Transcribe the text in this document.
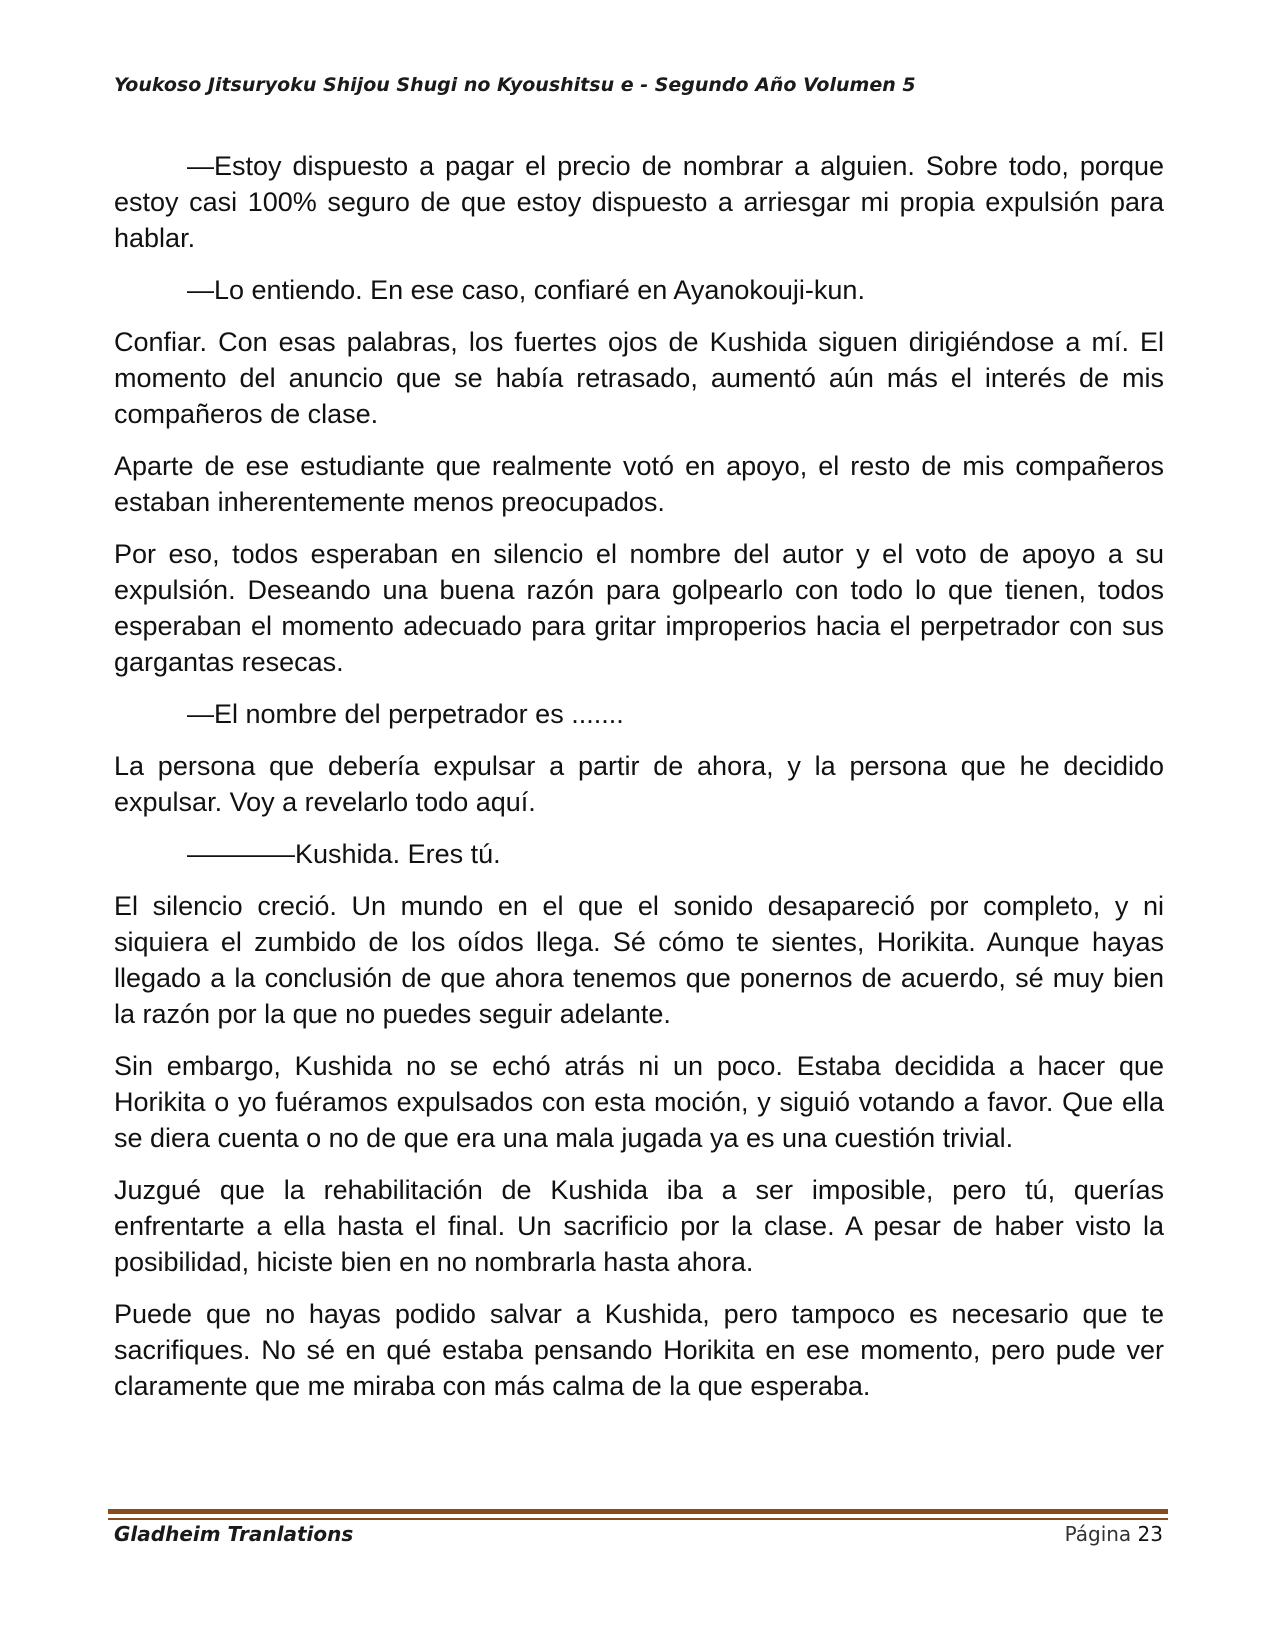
Youkoso Jitsuryoku Shijou Shugi no Kyoushitsu e - Segundo Año Volumen 5

—Estoy dispuesto a pagar el precio de nombrar a alguien. Sobre todo, porque estoy casi 100% seguro de que estoy dispuesto a arriesgar mi propia expulsión para hablar.

—Lo entiendo. En ese caso, confiaré en Ayanokouji-kun.

Confiar. Con esas palabras, los fuertes ojos de Kushida siguen dirigiéndose a mí. El momento del anuncio que se había retrasado, aumentó aún más el interés de mis compañeros de clase.

Aparte de ese estudiante que realmente votó en apoyo, el resto de mis compañeros estaban inherentemente menos preocupados.

Por eso, todos esperaban en silencio el nombre del autor y el voto de apoyo a su expulsión. Deseando una buena razón para golpearlo con todo lo que tienen, todos esperaban el momento adecuado para gritar improperios hacia el perpetrador con sus gargantas resecas.

—El nombre del perpetrador es .......

La persona que debería expulsar a partir de ahora, y la persona que he decidido expulsar. Voy a revelarlo todo aquí.

————Kushida. Eres tú.

El silencio creció. Un mundo en el que el sonido desapareció por completo, y ni siquiera el zumbido de los oídos llega. Sé cómo te sientes, Horikita. Aunque hayas llegado a la conclusión de que ahora tenemos que ponernos de acuerdo, sé muy bien la razón por la que no puedes seguir adelante.

Sin embargo, Kushida no se echó atrás ni un poco. Estaba decidida a hacer que Horikita o yo fuéramos expulsados con esta moción, y siguió votando a favor. Que ella se diera cuenta o no de que era una mala jugada ya es una cuestión trivial.

Juzgué que la rehabilitación de Kushida iba a ser imposible, pero tú, querías enfrentarte a ella hasta el final. Un sacrificio por la clase. A pesar de haber visto la posibilidad, hiciste bien en no nombrarla hasta ahora.

Puede que no hayas podido salvar a Kushida, pero tampoco es necesario que te sacrifiques. No sé en qué estaba pensando Horikita en ese momento, pero pude ver claramente que me miraba con más calma de la que esperaba.

Gladheim Tranlations	Página 23
